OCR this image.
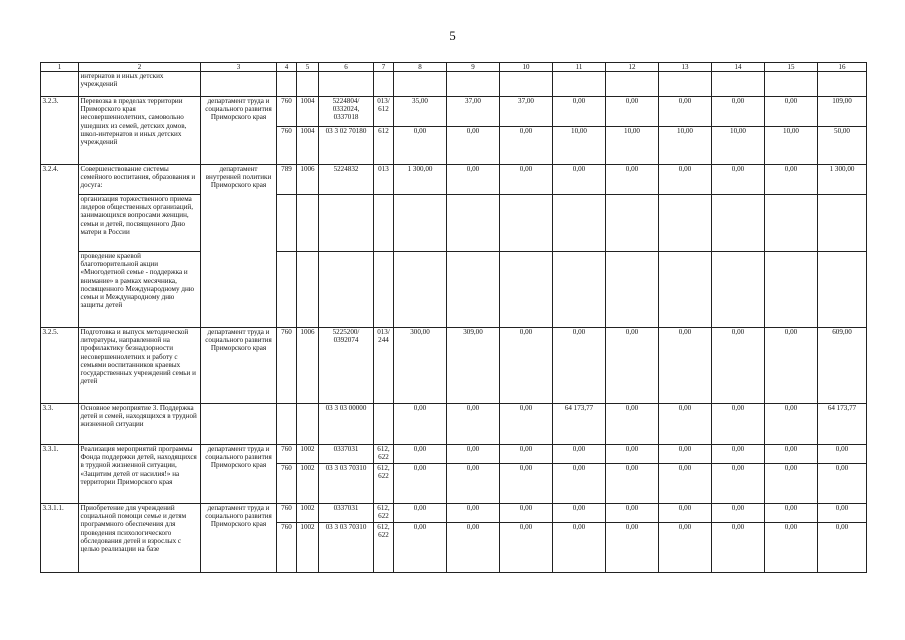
5
1	2	3	4	5	6	7	8	9	10	11	12	13	14	15	16
	интернатов и иных детских учреждений														
3.2.3.	Перевозка в пределах территории Приморского края несовершеннолетних, самовольно ушедших из семей, детских домов, школ-интернатов и иных детских учреждений	департамент труда и социального развития Приморского края	760	1004	5224804/ 0332024, 0337018	013/ 612	35,00	37,00	37,00	0,00	0,00	0,00	0,00	0,00	109,00
			760	1004	03 3 02 70180	612	0,00	0,00	0,00	10,00	10,00	10,00	10,00	10,00	50,00
3.2.4.	Совершенствование системы семейного воспитания, образования и досуга:	департамент внутренней политики Приморского края	789	1006	5224832	013	1 300,00	0,00	0,00	0,00	0,00	0,00	0,00	0,00	1 300,00
	организация торжественного приема лидеров общественных организаций, занимающихся вопросами женщин, семьи и детей, посвященного Дню матери в России														
	проведение краевой благотворительной акции «Многодетной семье - поддержка и внимание» в рамках месячника, посвященного Международному дню семьи и Международному дню защиты детей														
3.2.5.	Подготовка и выпуск методической литературы, направленной на профилактику безнадзорности несовершеннолетних и работу с семьями воспитанников краевых государственных учреждений семьи и детей	департамент труда и социального развития Приморского края	760	1006	5225200/ 0392074	013/ 244	300,00	309,00	0,00	0,00	0,00	0,00	0,00	0,00	609,00
3.3.	Основное мероприятие 3. Поддержка детей и семей, находящихся в трудной жизненной ситуации				03 3 03 00000		0,00	0,00	0,00	64 173,77	0,00	0,00	0,00	0,00	64 173,77
3.3.1.	Реализация мероприятий программы Фонда поддержки детей, находящихся в трудной жизненной ситуации, «Защитим детей от насилия!» на территории Приморского края	департамент труда и социального развития Приморского края	760	1002	0337031	612, 622	0,00	0,00	0,00	0,00	0,00	0,00	0,00	0,00	0,00
			760	1002	03 3 03 70310	612, 622	0,00	0,00	0,00	0,00	0,00	0,00	0,00	0,00	0,00
3.3.1.1.	Приобретение для учреждений социальной помощи семье и детям программного обеспечения для проведения психологического обследования детей и взрослых с целью реализации на базе	департамент труда и социального развития Приморского края	760	1002	0337031	612, 622	0,00	0,00	0,00	0,00	0,00	0,00	0,00	0,00	0,00
			760	1002	03 3 03 70310	612, 622	0,00	0,00	0,00	0,00	0,00	0,00	0,00	0,00	0,00
